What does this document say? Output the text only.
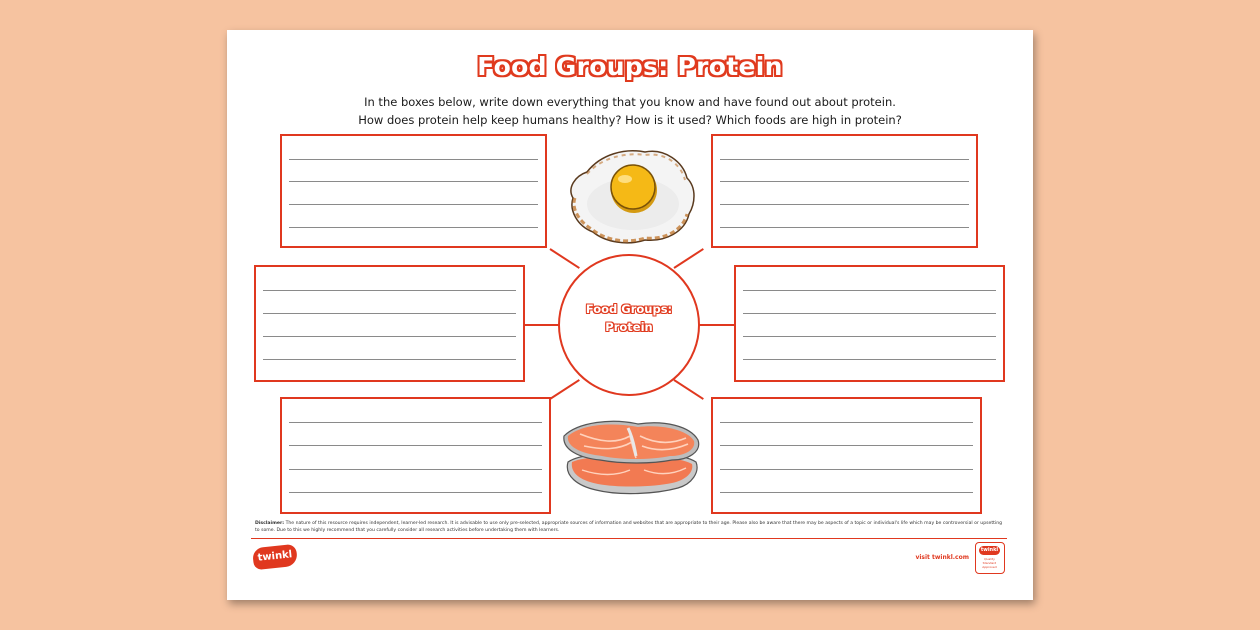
Food Groups: Protein
In the boxes below, write down everything that you know and have found out about protein.
How does protein help keep humans healthy? How is it used? Which foods are high in protein?
Food Groups:
Protein
Disclaimer: The nature of this resource requires independent, learner-led research. It is advisable to use only pre-selected, appropriate sources of information and websites that are appropriate to their age. Please also be aware that there may be aspects of a topic or individual's life which may be controversial or upsetting to some. Due to this we highly recommend that you carefully consider all research activities before undertaking them with learners.
twinkl	visit twinkl.com
twinkl
Quality Standard Approved
